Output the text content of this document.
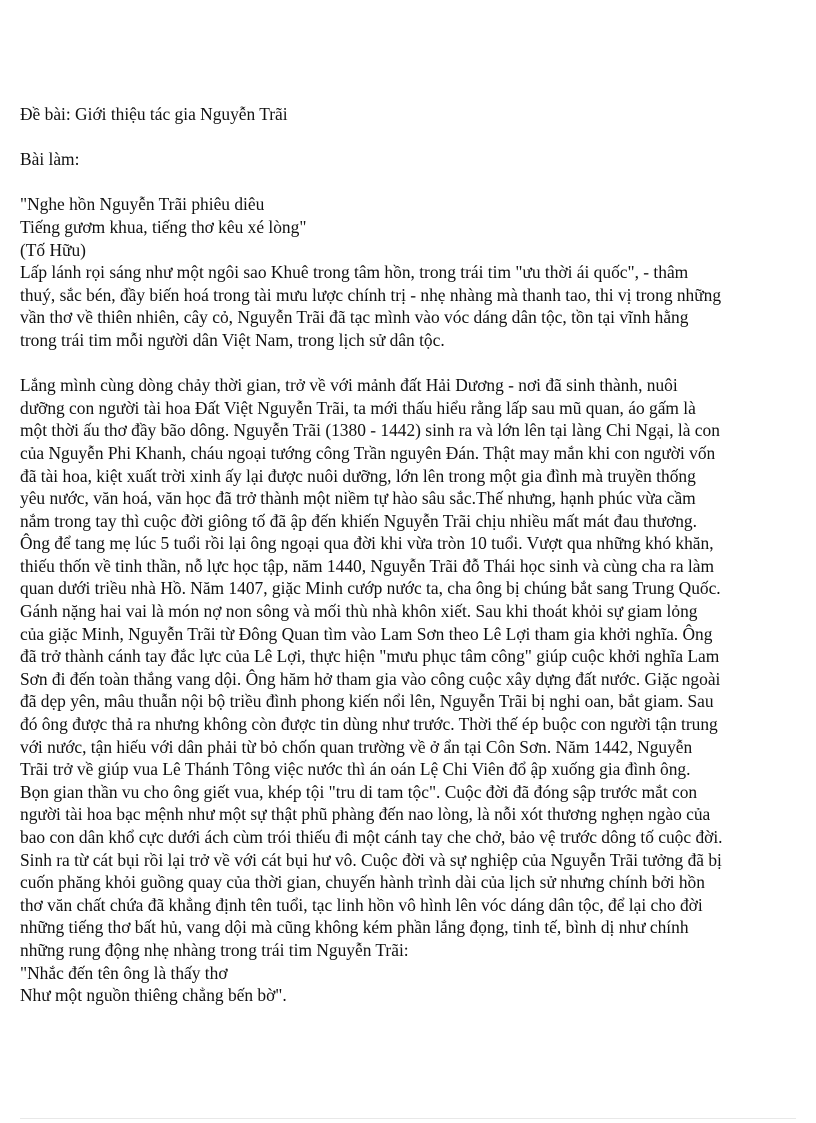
Đề bài: Giới thiệu tác gia Nguyễn Trãi
Bài làm:
"Nghe hồn Nguyễn Trãi phiêu diêu
Tiếng gươm khua, tiếng thơ kêu xé lòng"
(Tố Hữu)
Lấp lánh rọi sáng như một ngôi sao Khuê trong tâm hồn, trong trái tim "ưu thời ái quốc", - thâm
thuý, sắc bén, đầy biến hoá trong tài mưu lược chính trị - nhẹ nhàng mà thanh tao, thi vị trong những
vần thơ về thiên nhiên, cây cỏ, Nguyễn Trãi đã tạc mình vào vóc dáng dân tộc, tồn tại vĩnh hằng
trong trái tim mỗi người dân Việt Nam, trong lịch sử dân tộc.
Lắng mình cùng dòng chảy thời gian, trở về với mảnh đất Hải Dương - nơi đã sinh thành, nuôi
dưỡng con người tài hoa Đất Việt Nguyễn Trãi, ta mới thấu hiểu rằng lấp sau mũ quan, áo gấm là
một thời ấu thơ đầy bão dông. Nguyễn Trãi (1380 - 1442) sinh ra và lớn lên tại làng Chi Ngại, là con
của Nguyễn Phi Khanh, cháu ngoại tướng công Trần nguyên Đán. Thật may mắn khi con người vốn
đã tài hoa, kiệt xuất trời xinh ấy lại được nuôi dưỡng, lớn lên trong một gia đình mà truyền thống
yêu nước, văn hoá, văn học đã trở thành một niềm tự hào sâu sắc.Thế nhưng, hạnh phúc vừa cầm
nắm trong tay thì cuộc đời giông tố đã ập đến khiến Nguyễn Trãi chịu nhiều mất mát đau thương.
Ông để tang mẹ lúc 5 tuổi rồi lại ông ngoại qua đời khi vừa tròn 10 tuổi. Vượt qua những khó khăn,
thiếu thốn về tinh thần, nỗ lực học tập, năm 1440, Nguyễn Trãi đỗ Thái học sinh và cùng cha ra làm
quan dưới triều nhà Hồ. Năm 1407, giặc Minh cướp nước ta, cha ông bị chúng bắt sang Trung Quốc.
Gánh nặng hai vai là món nợ non sông và mối thù nhà khôn xiết. Sau khi thoát khỏi sự giam lỏng
của giặc Minh, Nguyễn Trãi từ Đông Quan tìm vào Lam Sơn theo Lê Lợi tham gia khởi nghĩa. Ông
đã trở thành cánh tay đắc lực của Lê Lợi, thực hiện "mưu phục tâm công" giúp cuộc khởi nghĩa Lam
Sơn đi đến toàn thắng vang dội. Ông hăm hở tham gia vào công cuộc xây dựng đất nước. Giặc ngoài
đã dẹp yên, mâu thuẫn nội bộ triều đình phong kiến nổi lên, Nguyễn Trãi bị nghi oan, bắt giam. Sau
đó ông được thả ra nhưng không còn được tin dùng như trước. Thời thế ép buộc con người tận trung
với nước, tận hiếu với dân phải từ bỏ chốn quan trường về ở ẩn tại Côn Sơn. Năm 1442, Nguyễn
Trãi trở về giúp vua Lê Thánh Tông việc nước thì án oán Lệ Chi Viên đổ ập xuống gia đình ông.
Bọn gian thần vu cho ông giết vua, khép tội "tru di tam tộc". Cuộc đời đã đóng sập trước mắt con
người tài hoa bạc mệnh như một sự thật phũ phàng đến nao lòng, là nỗi xót thương nghẹn ngào của
bao con dân khổ cực dưới ách cùm trói thiếu đi một cánh tay che chở, bảo vệ trước dông tố cuộc đời.
Sinh ra từ cát bụi rồi lại trở về với cát bụi hư vô. Cuộc đời và sự nghiệp của Nguyễn Trãi tưởng đã bị
cuốn phăng khỏi guồng quay của thời gian, chuyến hành trình dài của lịch sử nhưng chính bởi hồn
thơ văn chất chứa đã khẳng định tên tuổi, tạc linh hồn vô hình lên vóc dáng dân tộc, để lại cho đời
những tiếng thơ bất hủ, vang dội mà cũng không kém phần lắng đọng, tinh tế, bình dị như chính
những rung động nhẹ nhàng trong trái tim Nguyễn Trãi:
"Nhắc đến tên ông là thấy thơ
Như một nguồn thiêng chẳng bến bờ".
